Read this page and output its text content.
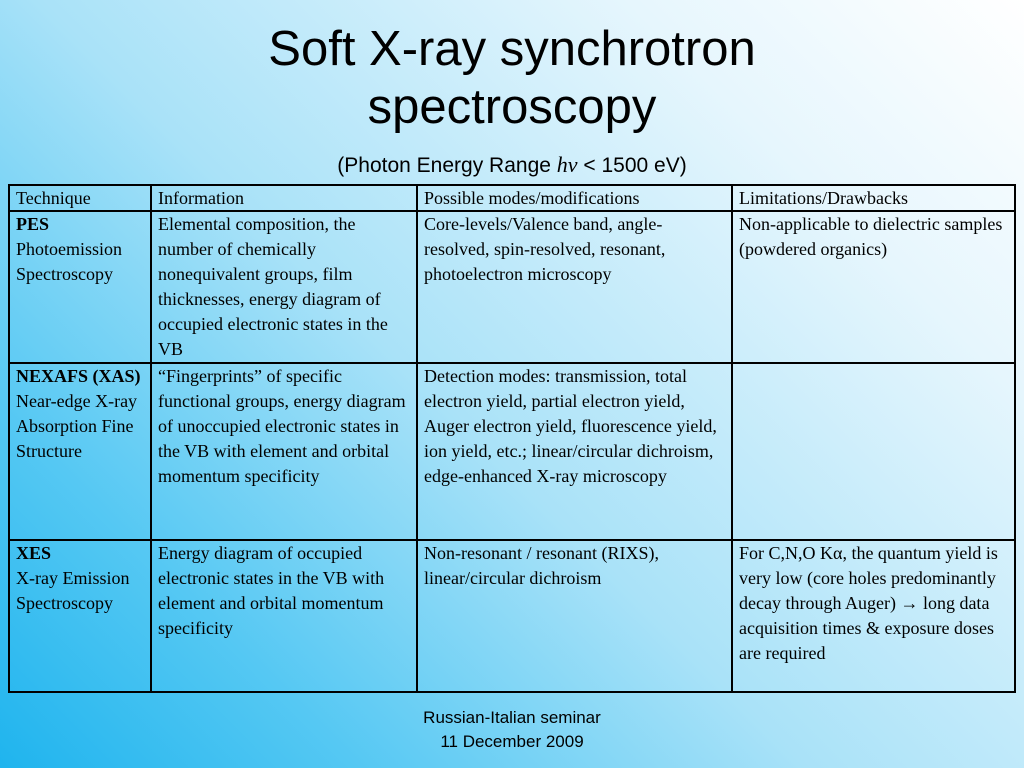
Soft X-ray synchrotron
spectroscopy
(Photon Energy Range hν < 1500 eV)
Technique	Information	Possible modes/modifications	Limitations/Drawbacks

PES
Photoemission Spectroscopy	Elemental composition, the number of chemically nonequivalent groups, film thicknesses, energy diagram of occupied electronic states in the VB	Core-levels/Valence band, angle-resolved, spin-resolved, resonant, photoelectron microscopy	Non-applicable to dielectric samples (powdered organics)

NEXAFS (XAS)
Near-edge X-ray Absorption Fine Structure	“Fingerprints” of specific functional groups, energy diagram of unoccupied electronic states in the VB with element and orbital momentum specificity	Detection modes: transmission, total electron yield, partial electron yield, Auger electron yield, fluorescence yield, ion yield, etc.; linear/circular dichroism, edge-enhanced X-ray microscopy	

XES
X-ray Emission Spectroscopy	Energy diagram of occupied electronic states in the VB with element and orbital momentum specificity	Non-resonant / resonant (RIXS), linear/circular dichroism	For C,N,O Kα, the quantum yield is very low (core holes predominantly decay through Auger) → long data acquisition times & exposure doses are required
Russian-Italian seminar
11 December 2009
